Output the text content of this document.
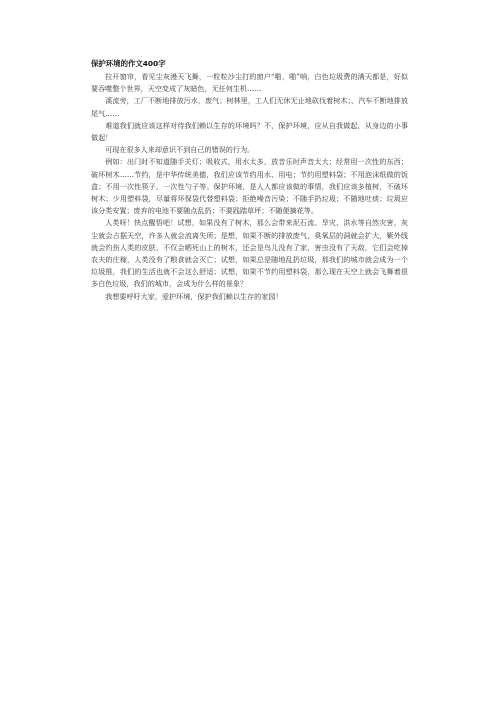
保护环境的作文400字

拉开窗帘，看见尘灰漫天飞舞，一粒粒沙尘打的窗户“啪，啪”响，白色垃圾费的满天都是，好似要吞噬整个世界，天空变成了灰暗色，无任何生机……

溪流旁，工厂不断地排放污水，废气；树林里，工人们无休无止地砍伐着树木；，汽车不断地排放尾气……

难道我们就应该这样对待我们赖以生存的环境吗？不，保护环境，应从自我做起，从身边的小事做起！

可现在很多人来却意识不到自己的错误的行为。

例如：出门时不知道随手关灯；吸收式，用水太多，放音乐时声音太大；经常用一次性的东西；破坏树木……节约，是中华传统美德，我们应该节约用水、用电；节约用塑料袋；不用泡沫纸做的饭盒；不用一次性筷子，一次性勺子等。保护环境，是人人都应该做的事情，我们应该多植树，不破坏树木；少用塑料袋，尽量将环保袋代替塑料袋；拒绝噪音污染；不随手扔垃圾；不随地吐痰；垃圾应该分类安置；废弃的电池不要随点乱扔；不要践踏草坪；不随便摘花等。

人类呀！快点醒悟吧！试想，如果没有了树木，那么会带来泥石流、旱灾、洪水等自然灾害，灰尘就会占据天空，许多人就会流离失所；是想，如果不断的排放废气，臭氧层的洞就会扩大，紫外线就会灼伤人类的皮肤，不仅会晒死山上的树木，还会是鸟儿没有了家，害虫没有了天敌，它们会吃掉农夫的庄稼，人类没有了粮食就会灭亡；试想，如果总是随地乱扔垃圾，那我们的城市就会成为一个垃圾推，我们的生活也就不会这么舒适；试想，如果不节约用塑料袋，那么现在天空上就会飞舞着很多白色垃圾，我们的城市，会成为什么样的景象？

我想要呼吁大家，爱护环境，保护我们赖以生存的家园！
